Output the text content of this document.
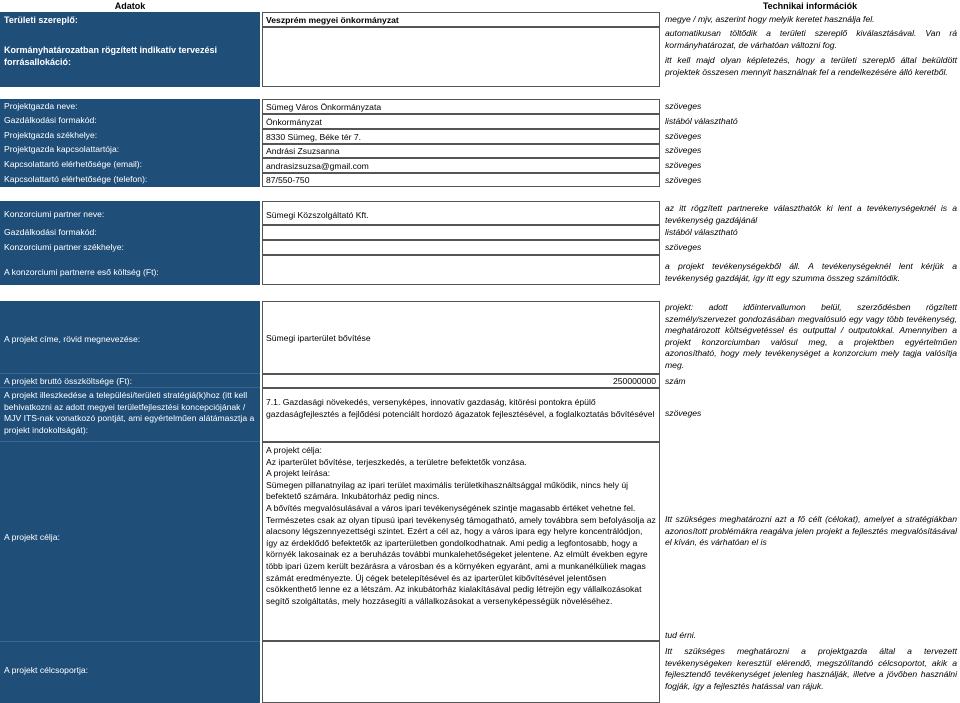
Adatok	Technikai információk
Területi szereplő:
Kormányhatározatban rögzített indikatív tervezési forrásallokáció:
Veszprém megyei önkormányzat	megye / mjv, aszerint hogy melyik keretet használja fel.
automatikusan töltődik a területi szereplő kiválasztásával. Van rá kormányhatározat, de várhatóan változni fog.
itt kell majd olyan képletezés, hogy a területi szereplő által beküldött projektek összesen mennyit használnak fel a rendelkezésére álló keretből.
Projektgazda neve:
Gazdálkodási formakód:
Projektgazda székhelye:
Projektgazda kapcsolattartója:
Kapcsolattartó elérhetősége (email):
Kapcsolattartó elérhetősége (telefon):
Sümeg Város Önkormányzata
Önkormányzat
8330 Sümeg, Béke tér 7.
Andrási Zsuzsanna
andrasizsuzsa@gmail.com
87/550-750
szöveges
listából választható
szöveges
szöveges
szöveges
szöveges
Konzorciumi partner neve:
Gazdálkodási formakód:
Konzorciumi partner székhelye:
A konzorciumi partnerre eső költség (Ft):
Sümegi Közszolgáltató Kft.
az itt rögzített partnereke választhatók ki lent a tevékenységeknél is a tevékenység gazdájánál
listából választható
szöveges
a projekt tevékenységekből áll. A tevékenységeknél lent kérjük a tevékenység gazdáját, így itt egy szumma összeg számítódik.
A projekt címe, rövid megnevezése:
A projekt bruttó összköltsége (Ft):
A projekt illeszkedése a települési/területi stratégiá(k)hoz (itt kell behivatkozni az adott megyei területfejlesztési koncepciójának / MJV ITS-nak vonatkozó pontját, ami egyértelműen alátámasztja a projekt indokoltságát):
A projekt célja:
A projekt célcsoportja:
Sümegi iparterület bővítése
250000000
7.1. Gazdasági növekedés, versenyképes, innovatív gazdaság, kitörési pontokra épülő gazdaságfejlesztés a fejlődési potenciált hordozó ágazatok fejlesztésével, a foglalkoztatás bővítésével
A projekt célja:
Az iparterület bővítése, terjeszkedés, a területre befektetők vonzása.
A projekt leírása:
Sümegen pillanatnyilag az ipari terület maximális területkihasználtsággal működik, nincs hely új befektető számára. Inkubátorház pedig nincs.
A bővítés megvalósulásával a város ipari tevékenységének szintje magasabb értéket vehetne fel. Természetes csak az olyan típusú ipari tevékenység támogatható, amely továbbra sem befolyásolja az alacsony légszennyezettségi szintet. Ezért a cél az, hogy a város ipara egy helyre koncentrálódjon, így az érdeklődő befektetők az iparterületben gondolkodhatnak. Ami pedig a legfontosabb, hogy a környék lakosainak ez a beruházás további munkalehetőségeket jelentene. Az elmúlt években egyre több ipari üzem került bezárásra a városban és a környéken egyaránt, ami a munkanélküliek magas számát eredményezte. Új cégek betelepítésével és az iparterület kibővítésével jelentősen csökkenthető lenne ez a létszám. Az inkubátorház kialakításával pedig létrejön egy vállalkozásokat segítő szolgáltatás, mely hozzásegíti a vállalkozásokat a versenyképességük növeléséhez.
projekt: adott időintervallumon belül, szerződésben rögzített személy/szervezet gondozásában megvalósuló egy vagy több tevékenység, meghatározott költségvetéssel és outputtal / outputokkal. Amennyiben a projekt konzorciumban valósul meg, a projektben egyértelműen azonosítható, hogy mely tevékenységet a konzorcium mely tagja valósítja meg.
szám
szöveges
Itt szükséges meghatározni azt a fő célt (célokat), amelyet a stratégiákban azonosított problémákra reagálva jelen projekt a fejlesztés megvalósításával el kíván, és várhatóan el is
tud érni.
Itt szükséges meghatározni a projektgazda által a tervezett tevékenységeken keresztül elérendő, megszólítandó célcsoportot, akik a fejlesztendő tevékenységet jelenleg használják, illetve a jövőben használni fogják, így a fejlesztés hatással van rájuk.
